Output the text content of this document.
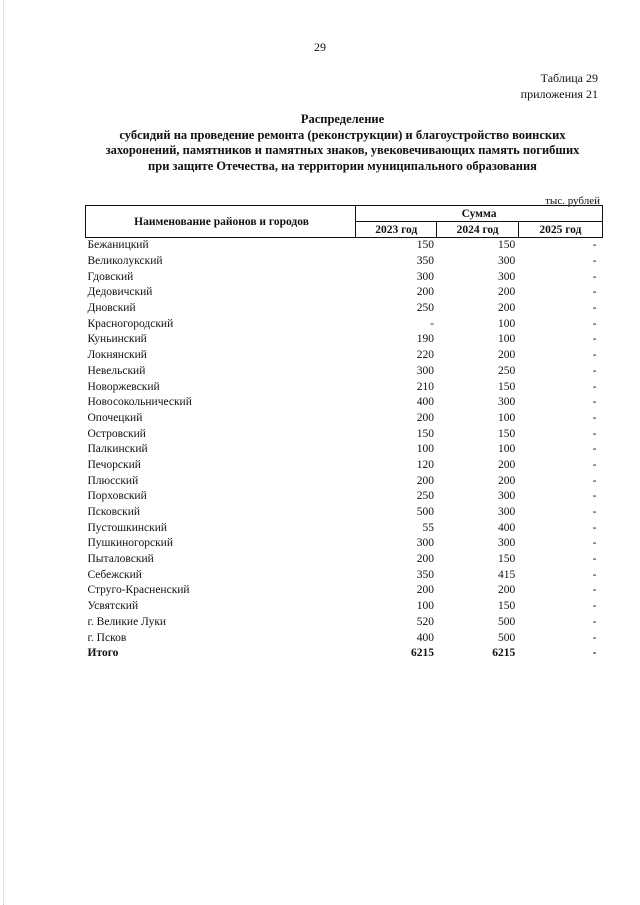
29
Таблица 29
приложения 21
Распределение
субсидий на проведение ремонта (реконструкции) и благоустройство воинских
захоронений, памятников и памятных знаков, увековечивающих память погибших
при защите Отечества, на территории муниципального образования
тыс. рублей
Наименование районов и городов	Сумма		
	2023 год	2024 год	2025 год
Бежаницкий	150	150	-
Великолукский	350	300	-
Гдовский	300	300	-
Дедовичский	200	200	-
Дновский	250	200	-
Красногородский	-	100	-
Куньинский	190	100	-
Локнянский	220	200	-
Невельский	300	250	-
Новоржевский	210	150	-
Новосокольнический	400	300	-
Опочецкий	200	100	-
Островский	150	150	-
Палкинский	100	100	-
Печорский	120	200	-
Плюсский	200	200	-
Порховский	250	300	-
Псковский	500	300	-
Пустошкинский	55	400	-
Пушкиногорский	300	300	-
Пыталовский	200	150	-
Себежский	350	415	-
Струго-Красненский	200	200	-
Усвятский	100	150	-
г. Великие Луки	520	500	-
г. Псков	400	500	-
Итого	6215	6215	-
